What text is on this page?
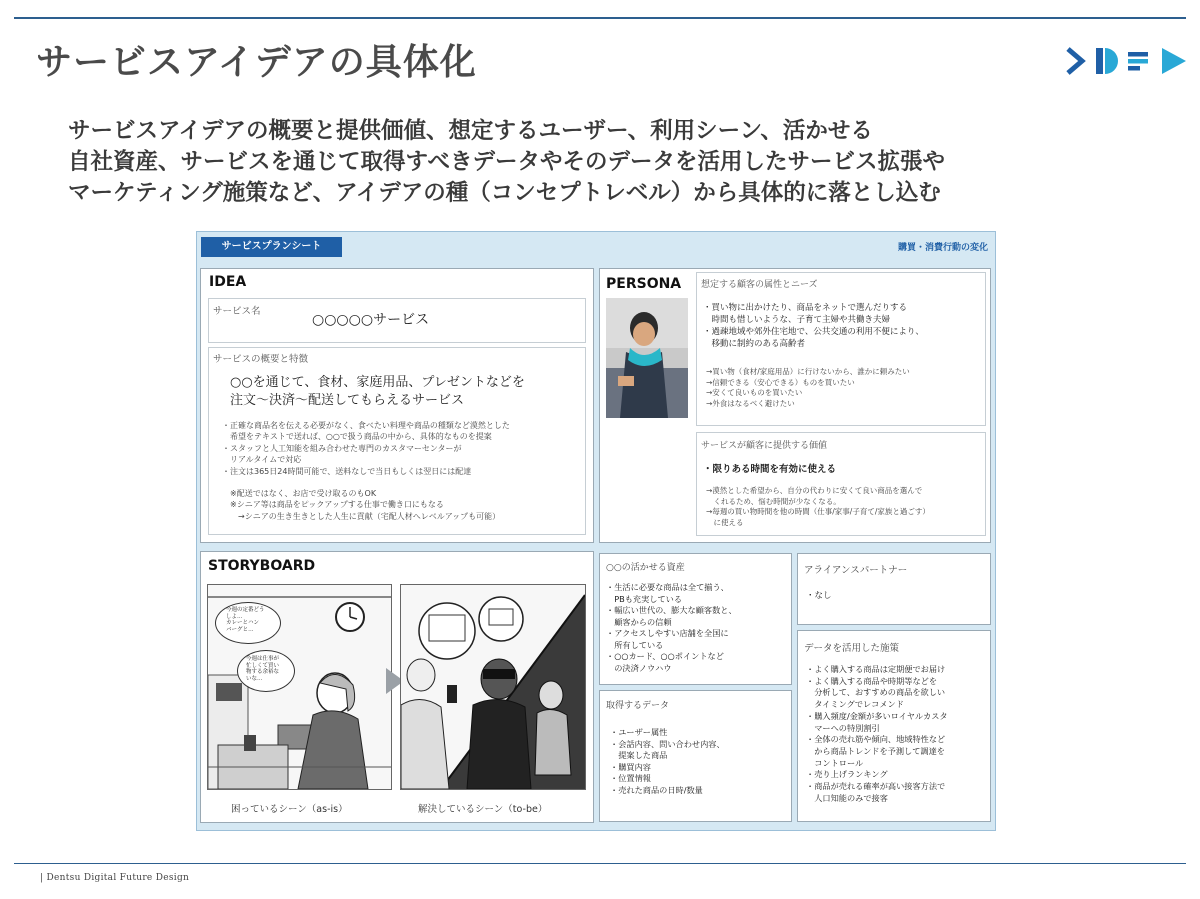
サービスアイデアの具体化
サービスアイデアの概要と提供価値、想定するユーザー、利用シーン、活かせる
自社資産、サービスを通じて取得すべきデータやそのデータを活用したサービス拡張や
マーケティング施策など、アイデアの種（コンセプトレベル）から具体的に落とし込む
サービスプランシート	購買・消費行動の変化
IDEA
サービス名
○○○○○サービス
サービスの概要と特徴
○○を通じて、食材、家庭用品、プレゼントなどを
注文〜決済〜配送してもらえるサービス
・正確な商品名を伝える必要がなく、食べたい料理や商品の種類など漠然とした
　希望をテキストで送れば、○○で扱う商品の中から、具体的なものを提案
・スタッフと人工知能を組み合わせた専門のカスタマーセンターが
　リアルタイムで対応
・注文は365日24時間可能で、送料なしで当日もしくは翌日には配達
　※配送ではなく、お店で受け取るのもOK
　※シニア等は商品をピックアップする仕事で働き口にもなる
　　→シニアの生き生きとした人生に貢献（宅配人材へレベルアップも可能）
PERSONA 想定する顧客の属性とニーズ
・買い物に出かけたり、商品をネットで選んだりする
　時間も惜しいような、子育て主婦や共働き夫婦
・過疎地域や郊外住宅地で、公共交通の利用不便により、
　移動に制約のある高齢者
→買い物（食材/家庭用品）に行けないから、誰かに頼みたい
→信頼できる（安心できる）ものを買いたい
→安くて良いものを買いたい
→外食はなるべく避けたい
サービスが顧客に提供する価値
・限りある時間を有効に使える
→漠然とした希望から、自分の代わりに安くて良い商品を選んで
　くれるため、悩む時間が少なくなる。
→毎週の買い物時間を他の時間（仕事/家事/子育て/家族と過ごす）
　に使える
STORYBOARD
今週の定番どう
しよ…
カレーとハン
バーグと…
今週は仕事が
忙しくて買い
物する余裕な
いな…
困っているシーン（as-is）	解決しているシーン（to-be）
○○の活かせる資産
・生活に必要な商品は全て揃う、
　PBも充実している
・幅広い世代の、膨大な顧客数と、
　顧客からの信頼
・アクセスしやすい店舗を全国に
　所有している
・○○カード、○○ポイントなど
　の決済ノウハウ
取得するデータ
・ユーザー属性
・会話内容、問い合わせ内容、
　提案した商品
・購買内容
・位置情報
・売れた商品の日時/数量
アライアンスパートナー
・なし
データを活用した施策
・よく購入する商品は定期便でお届け
・よく購入する商品や時期等などを
　分析して、おすすめの商品を欲しい
　タイミングでレコメンド
・購入頻度/金額が多いロイヤルカスタ
　マーへの特別割引
・全体の売れ筋や傾向、地域特性など
　から商品トレンドを予測して調達を
　コントロール
・売り上げランキング
・商品が売れる確率が高い接客方法で
　人口知能のみで接客
| Dentsu Digital Future Design
